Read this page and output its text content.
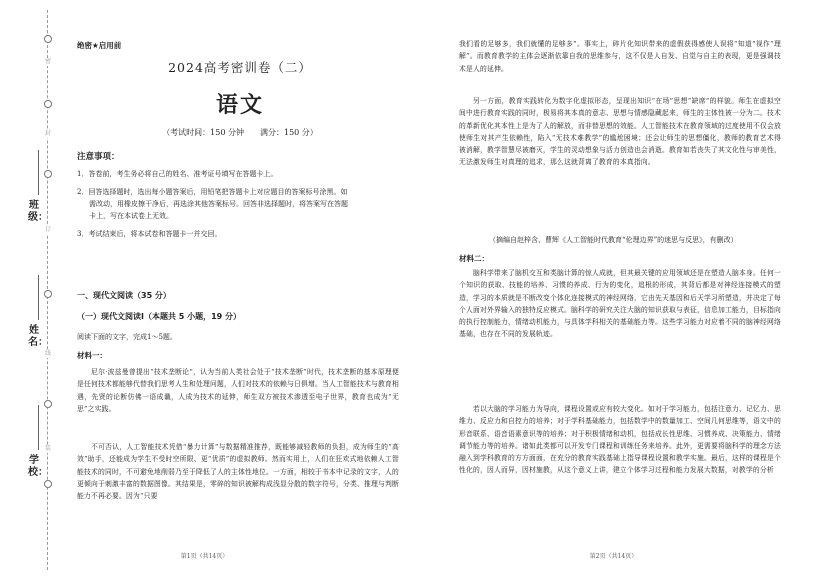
密
封
订
线
装
班级：
姓名：
学校：
绝密★启用前
2024高考密训卷（二）
语文
（考试时间：150 分钟　　满分：150 分）
注意事项：
1．答卷前，考生务必将自己的姓名、准考证号填写在答题卡上。
2．回答选择题时，选出每小题答案后，用铅笔把答题卡上对应题目的答案标号涂黑。如
需改动，用橡皮擦干净后，再选涂其他答案标号。回答非选择题时，将答案写在答题
卡上，写在本试卷上无效。
3．考试结束后，将本试卷和答题卡一并交回。
一、现代文阅读（35 分）
（一）现代文阅读Ⅰ（本题共 5 小题，19 分）
阅读下面的文字，完成1～5题。
材料一：
尼尔·波兹曼曾提出“技术垄断论”，认为当前人类社会处于“技术垄断”时代，技术垄断的基本原理便是任何技术都能够代替我们思考人生和处理问题，人们对技术的依赖与日俱增。当人工智能技术与教育相遇，先贤的论断仿佛一语成谶，人成为技术的延伸，师生双方被技术渗透至电子世界，教育也成为“无思”之实践。
不可否认，人工智能技术凭借“暴力计算”与数据精准推荐，既能够减轻教师的负担，成为师生的“高效”助手，还能成为学生不受时空所限、更“优质”的虚拟教师。然而实用上，人们在狂欢式地依赖人工智能技术的同时，不可避免地削弱乃至于降低了人的主体性地位。一方面，相较于书本中记录的文字，人的更倾向于刺激丰富的数据图像。其结果是，零碎的知识被解构成浅显分散的数字符号，分类、推理与判断能力不再必要。因为“只要
第1页（共14页）
我们看的足够多，我们就懂的足够多”。事实上，碎片化知识带来的虚假获得感使人误将“知道”视作“理解”。而教育教学的主体会逐渐依靠自我的思维参与，这不仅是人自发、自觉与自主的表现，更是强调技术是人的延伸。
另一方面，教育实践转化为数字化虚拟形态，呈现出知识“在场”思想“缺席”的样貌。师生在虚拟空间中进行教育实践的同时，极易将其本真的意志、思想与情感隐藏起来，师生的主体性被一分为二。技术的革新优化其本性上是为了人的解放，而非替思想的效能。人工智能技术在教育领域的过度使用不仅会放使师生对其产生依赖性，陷入“无技术难教学”的尴尬困境；还会让师生的思想僵化，教师的教育艺术得被消解，教学智慧尽被磨灭，学生的灵动想象与活力创造也会消逝。教育如若丧失了其文化性与审美性，无法激发师生对真理的追求，那么这就背离了教育的本真指向。
（摘编自赵梓含、曹辉《人工智能时代教育“伦理边界”的迷思与反思》，有删改）
材料二：
脑科学带来了脑机交互和类脑计算的惊人成就，但其最关键的应用领域还是在塑造人脑本身。任何一个知识的获取、技能的培养、习惯的养成、行为的变化，追根的形成，其背后都是对神经连接模式的塑造，学习的本质就是不断改变个体化连接模式的神经网络，它由先天基因和后天学习所塑造，并决定了每个人面对外界输入的独特反应模式。脑科学的研究关注大脑的知识获取与表征，信息加工能力，目标指向的执行控制能力，情绪动机能力，与具体学科相关的基础能力等。这些学习能力对应着不同的脑神经网络基础，也存在不同的发展轨迹。
若以大脑的学习能力为导向，课程设置或应有较大变化。如对于学习能力，包括注意力、记忆力、思维力、反应力和自控力的培养；对于学科基础能力，包括数学中的数量加工、空间几何思维等，语文中的形音联系、语音语素意识等的培养；对于积极情绪和动机，包括成长性思维、习惯养成、决策能力、情绪调节能力等的培养。诸如此类都可以开发专门课程和训练任务来培养。此外，更需要将脑科学的理念方法融入到学科教育的方方面面，在充分的教育实践基础上指导课程设置和教学实施。最后，这样的课程是个性化的，因人而异，因材施教，从这个意义上讲，建立个体学习过程和能力发展大数据，对教学的分析
第2页（共14页）
